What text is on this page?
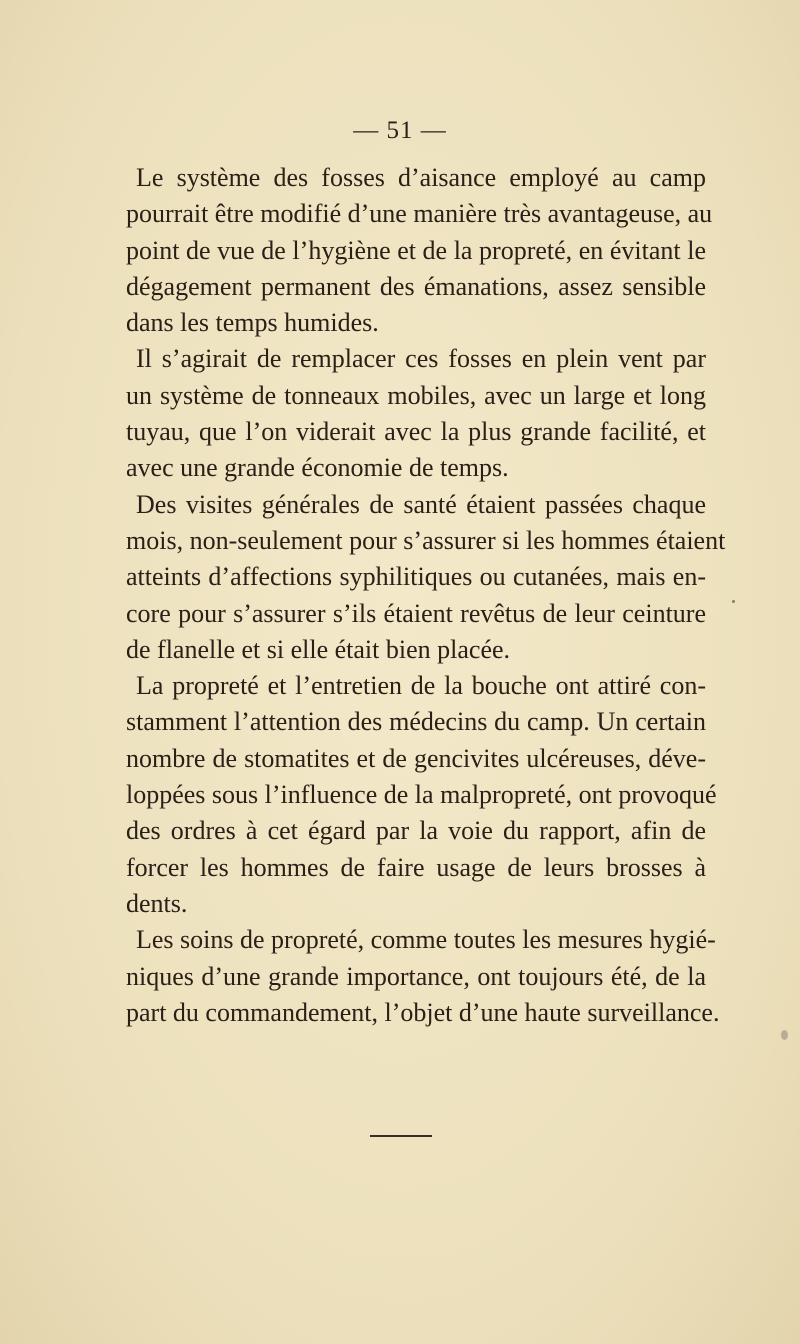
— 51 —
Le système des fosses d’aisance employé au camp
pourrait être modifié d’une manière très avantageuse, au
point de vue de l’hygiène et de la propreté, en évitant le
dégagement permanent des émanations, assez sensible
dans les temps humides.
Il s’agirait de remplacer ces fosses en plein vent par
un système de tonneaux mobiles, avec un large et long
tuyau, que l’on viderait avec la plus grande facilité, et
avec une grande économie de temps.
Des visites générales de santé étaient passées chaque
mois, non-seulement pour s’assurer si les hommes étaient
atteints d’affections syphilitiques ou cutanées, mais en-
core pour s’assurer s’ils étaient revêtus de leur ceinture
de flanelle et si elle était bien placée.
La propreté et l’entretien de la bouche ont attiré con-
stamment l’attention des médecins du camp. Un certain
nombre de stomatites et de gencivites ulcéreuses, déve-
loppées sous l’influence de la malpropreté, ont provoqué
des ordres à cet égard par la voie du rapport, afin de
forcer les hommes de faire usage de leurs brosses à
dents.
Les soins de propreté, comme toutes les mesures hygié-
niques d’une grande importance, ont toujours été, de la
part du commandement, l’objet d’une haute surveillance.
